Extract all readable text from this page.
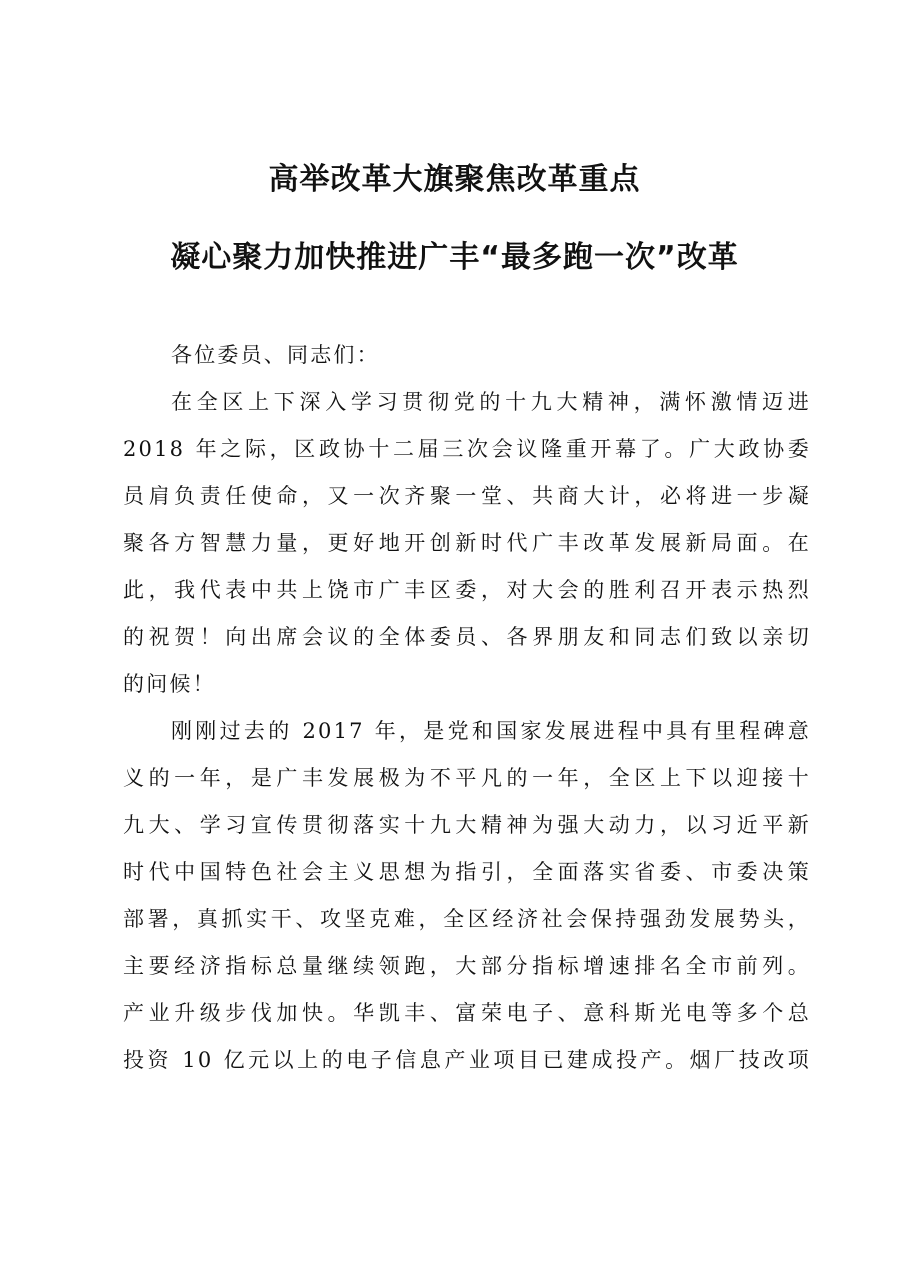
高举改革大旗聚焦改革重点
凝心聚力加快推进广丰“最多跑一次”改革
各位委员、同志们：
在全区上下深入学习贯彻党的十九大精神，满怀激情迈进
2018 年之际，区政协十二届三次会议隆重开幕了。广大政协委
员肩负责任使命，又一次齐聚一堂、共商大计，必将进一步凝
聚各方智慧力量，更好地开创新时代广丰改革发展新局面。在
此，我代表中共上饶市广丰区委，对大会的胜利召开表示热烈
的祝贺！向出席会议的全体委员、各界朋友和同志们致以亲切
的问候！
刚刚过去的 2017 年，是党和国家发展进程中具有里程碑意
义的一年，是广丰发展极为不平凡的一年，全区上下以迎接十
九大、学习宣传贯彻落实十九大精神为强大动力，以习近平新
时代中国特色社会主义思想为指引，全面落实省委、市委决策
部署，真抓实干、攻坚克难，全区经济社会保持强劲发展势头，
主要经济指标总量继续领跑，大部分指标增速排名全市前列。
产业升级步伐加快。华凯丰、富荣电子、意科斯光电等多个总
投资 10 亿元以上的电子信息产业项目已建成投产。烟厂技改项
